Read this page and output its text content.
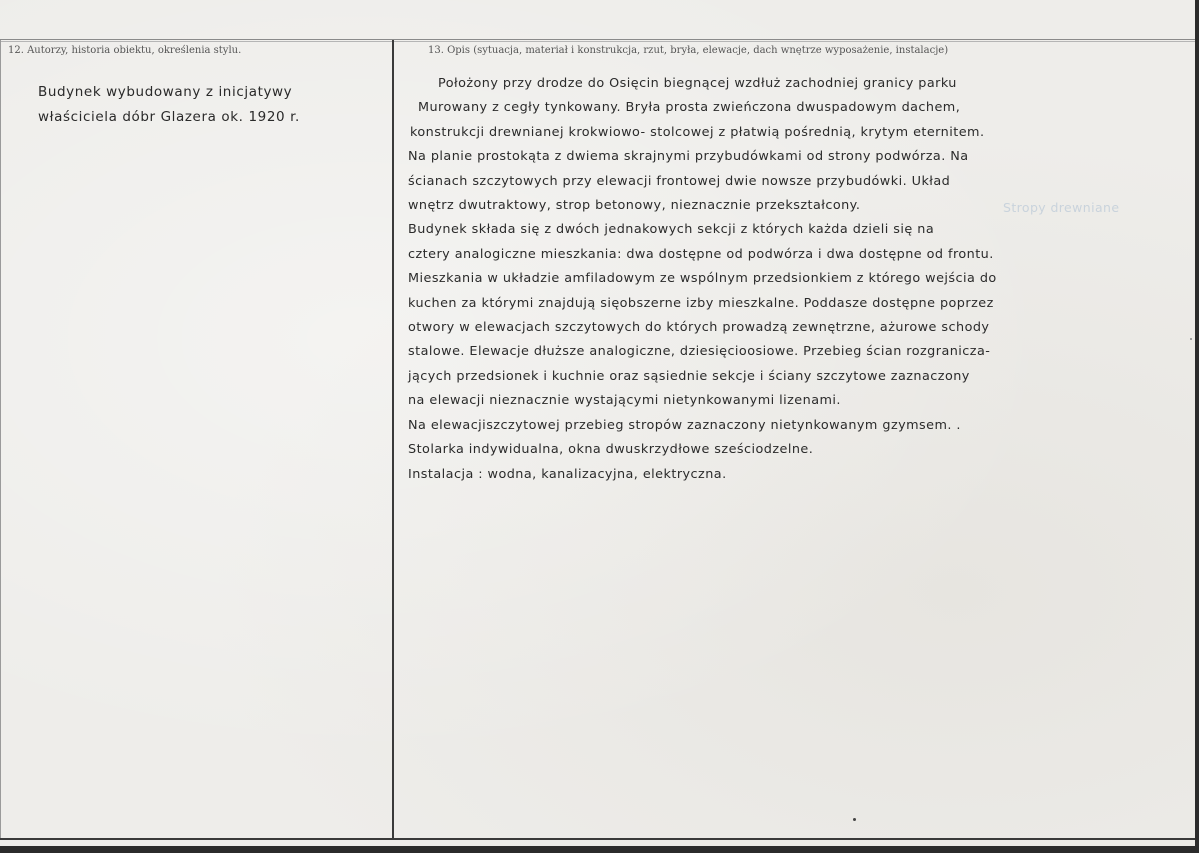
12. Autorzy, historia obiektu, określenia stylu.	13. Opis (sytuacja, materiał i konstrukcja, rzut, bryła, elewacje, dach wnętrze wyposażenie, instalacje)
Budynek wybudowany z inicjatywy
właściciela dóbr Glazera ok. 1920 r.
Położony przy drodze do Osięcin biegnącej wzdłuż zachodniej granicy parku
Murowany z cegły tynkowany. Bryła prosta zwieńczona dwuspadowym dachem,
konstrukcji drewnianej krokwiowo- stolcowej z płatwią pośrednią, krytym eternitem.
Na planie prostokąta z dwiema skrajnymi przybudówkami od strony podwórza. Na
ścianach szczytowych przy elewacji frontowej dwie nowsze przybudówki. Układ
wnętrz dwutraktowy, strop betonowy, nieznacznie przekształcony.
Budynek składa się z dwóch jednakowych sekcji z których każda dzieli się na
cztery analogiczne mieszkania: dwa dostępne od podwórza i dwa dostępne od frontu.
Mieszkania w układzie amfiladowym ze wspólnym przedsionkiem z którego wejścia do
kuchen za którymi znajdują sięobszerne izby mieszkalne. Poddasze dostępne poprzez
otwory w elewacjach szczytowych do których prowadzą zewnętrzne, ażurowe schody
stalowe. Elewacje dłuższe analogiczne, dziesięcioosiowe. Przebieg ścian rozgranicza-
jących przedsionek i kuchnie oraz sąsiednie sekcje i ściany szczytowe zaznaczony
na elewacji nieznacznie wystającymi nietynkowanymi lizenami.
Na elewacjiszczytowej przebieg stropów zaznaczony nietynkowanym gzymsem. .
Stolarka indywidualna, okna dwuskrzydłowe sześciodzelne.
Instalacja : wodna, kanalizacyjna, elektryczna.
Stropy drewniane
